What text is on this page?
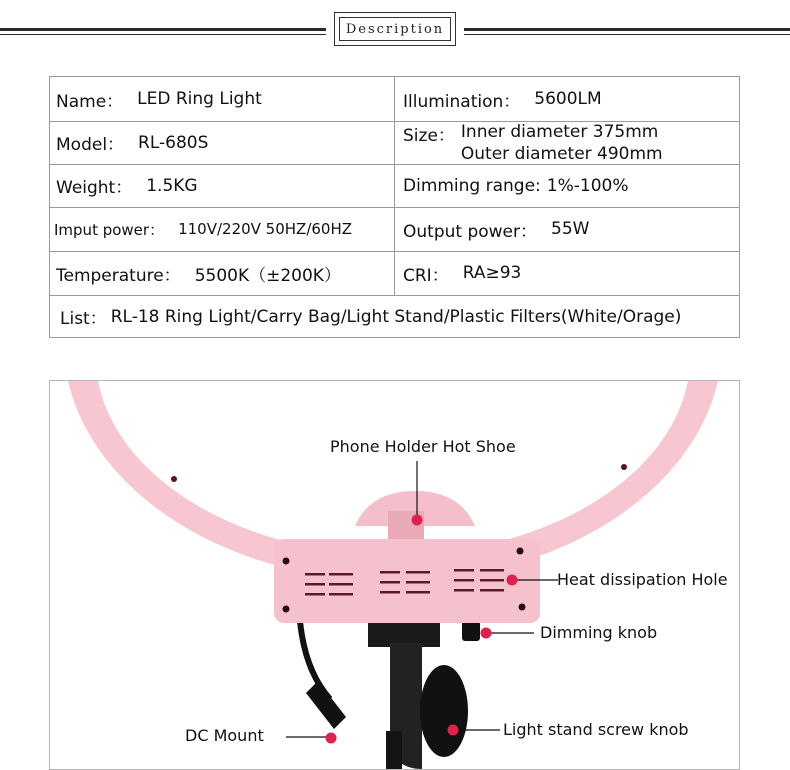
Description
Name： LED Ring Light	Illumination： 5600LM
Model： RL-680S	Size： Inner diameter 375mm
Outer diameter 490mm
Weight： 1.5KG	Dimming range: 1%-100%
Imput power： 110V/220V 50HZ/60HZ	Output power： 55W
Temperature： 5500K（±200K）	CRI： RA≥93
List： RL-18 Ring Light/Carry Bag/Light Stand/Plastic Filters(White/Orage)
Phone Holder Hot Shoe
Heat dissipation Hole
Dimming knob
DC Mount	Light stand screw knob
